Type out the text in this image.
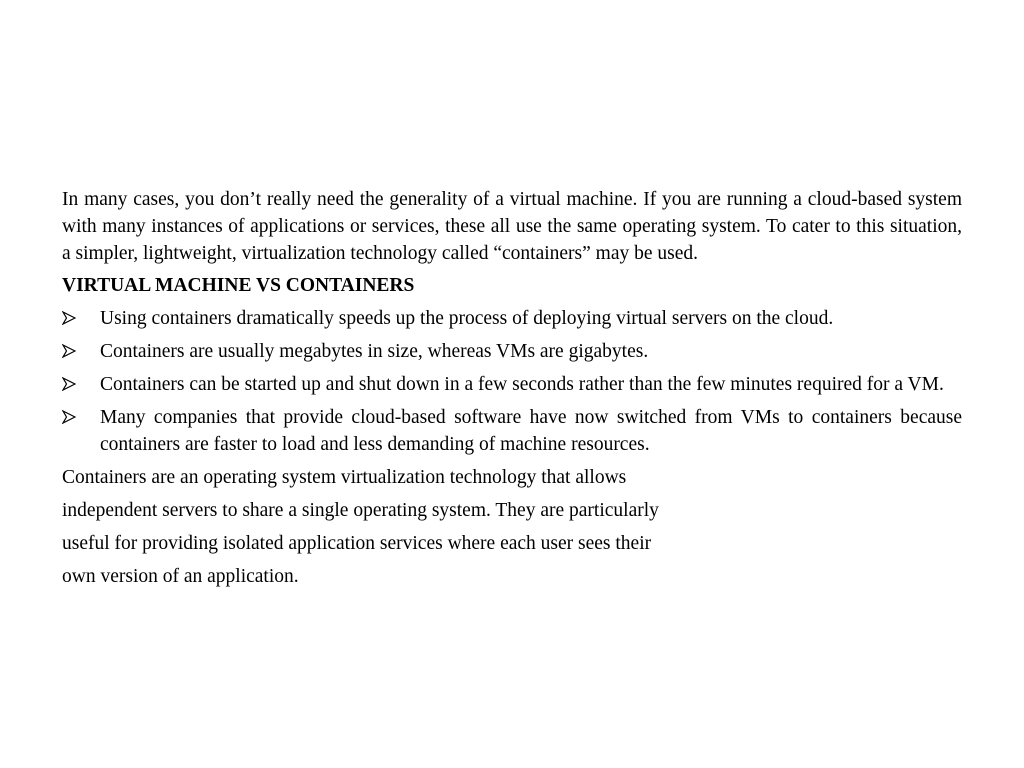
In many cases, you don’t really need the generality of a virtual machine. If you are running a cloud-based system with many instances of applications or services, these all use the same operating system. To cater to this situation, a simpler, lightweight, virtualization technology called “containers” may be used.

VIRTUAL MACHINE VS CONTAINERS
Using containers dramatically speeds up the process of deploying virtual servers on the cloud.
Containers are usually megabytes in size, whereas VMs are gigabytes.
Containers can be started up and shut down in a few seconds rather than the few minutes required for a VM.
Many companies that provide cloud-based software have now switched from VMs to containers because containers are faster to load and less demanding of machine resources.
Containers are an operating system virtualization technology that allows
independent servers to share a single operating system. They are particularly
useful for providing isolated application services where each user sees their
own version of an application.
